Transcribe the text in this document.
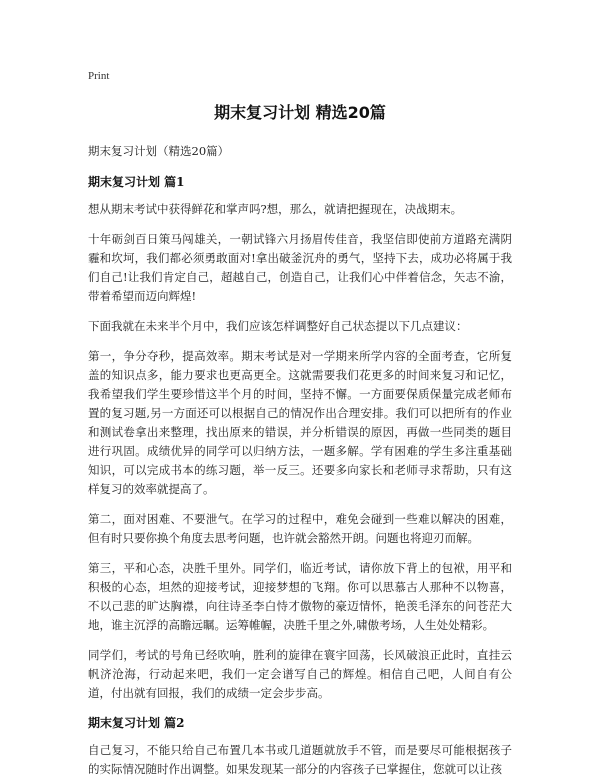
Print
期末复习计划 精选20篇

期末复习计划（精选20篇）

期末复习计划 篇1

想从期末考试中获得鲜花和掌声吗?想，那么，就请把握现在，决战期末。

十年砺剑百日策马闯雄关，一朝试锋六月扬眉传佳音，我坚信即使前方道路充满阴霾和坎坷，我们都必须勇敢面对!拿出破釜沉舟的勇气，坚持下去，成功必将属于我们自己!让我们肯定自己，超越自己，创造自己，让我们心中伴着信念，矢志不渝，带着希望而迈向辉煌!

下面我就在未来半个月中，我们应该怎样调整好自己状态提以下几点建议：

第一，争分夺秒，提高效率。期末考试是对一学期来所学内容的全面考查，它所复盖的知识点多，能力要求也更高更全。这就需要我们花更多的时间来复习和记忆，我希望我们学生要珍惜这半个月的时间，坚持不懈。一方面要保质保量完成老师布置的复习题,另一方面还可以根据自己的情况作出合理安排。我们可以把所有的作业和测试卷拿出来整理，找出原来的错误，并分析错误的原因，再做一些同类的题目进行巩固。成绩优异的同学可以归纳方法，一题多解。学有困难的学生多注重基础知识，可以完成书本的练习题，举一反三。还要多向家长和老师寻求帮助，只有这样复习的效率就提高了。

第二，面对困难、不要泄气。在学习的过程中，难免会碰到一些难以解决的困难，但有时只要你换个角度去思考问题，也许就会豁然开朗。问题也将迎刃而解。

第三，平和心态，决胜千里外。同学们，临近考试，请你放下背上的包袱，用平和积极的心态，坦然的迎接考试，迎接梦想的飞翔。你可以思慕古人那种不以物喜，不以己悲的旷达胸襟，向往诗圣李白恃才傲物的豪迈情怀，艳羡毛泽东的问苍茫大地，谁主沉浮的高瞻远瞩。运筹帷幄，决胜千里之外,啸傲考场，人生处处精彩。

同学们，考试的号角已经吹响，胜利的旋律在寰宇回荡，长风破浪正此时，直挂云帆济沧海，行动起来吧，我们一定会谱写自己的辉煌。相信自己吧，人间自有公道，付出就有回报，我们的成绩一定会步步高。

期末复习计划 篇2

自己复习，不能只给自己布置几本书或几道题就放手不管，而是要尽可能根据孩子的实际情况随时作出调整。如果发现某一部分的内容孩子已掌握住，您就可以让孩
